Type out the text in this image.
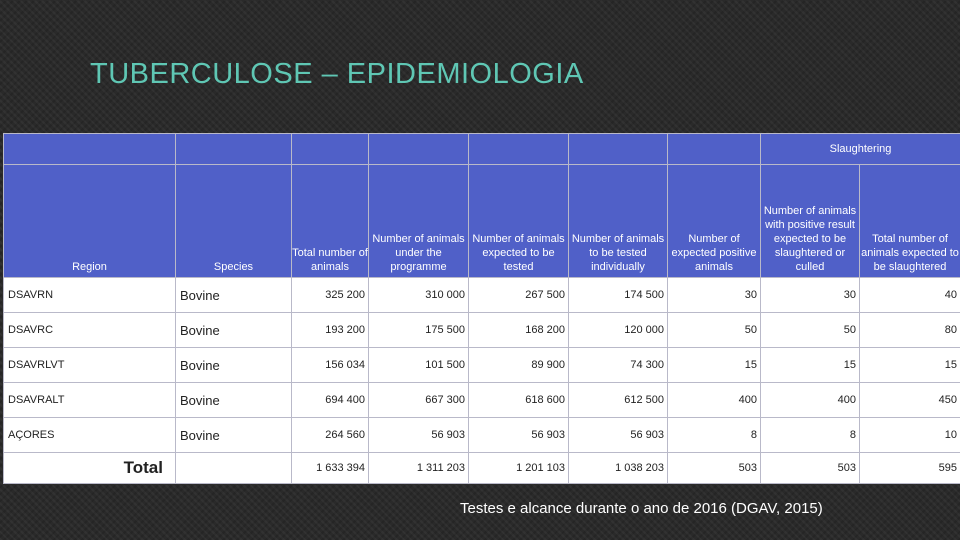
TUBERCULOSE – EPIDEMIOLOGIA
							Slaughtering	
Region	Species	Total number of animals	Number of animals under the programme	Number of animals expected to be tested	Number of animals to be tested individually	Number of expected positive animals	Number of animals with positive result expected to be slaughtered or culled	Total number of animals expected to be slaughtered
DSAVRN	Bovine	325 200	310 000	267 500	174 500	30	30	40
DSAVRC	Bovine	193 200	175 500	168 200	120 000	50	50	80
DSAVRLVT	Bovine	156 034	101 500	89 900	74 300	15	15	15
DSAVRALT	Bovine	694 400	667 300	618 600	612 500	400	400	450
AÇORES	Bovine	264 560	56 903	56 903	56 903	8	8	10
Total		1 633 394	1 311 203	1 201 103	1 038 203	503	503	595
Testes e alcance durante o ano de 2016 (DGAV, 2015)
